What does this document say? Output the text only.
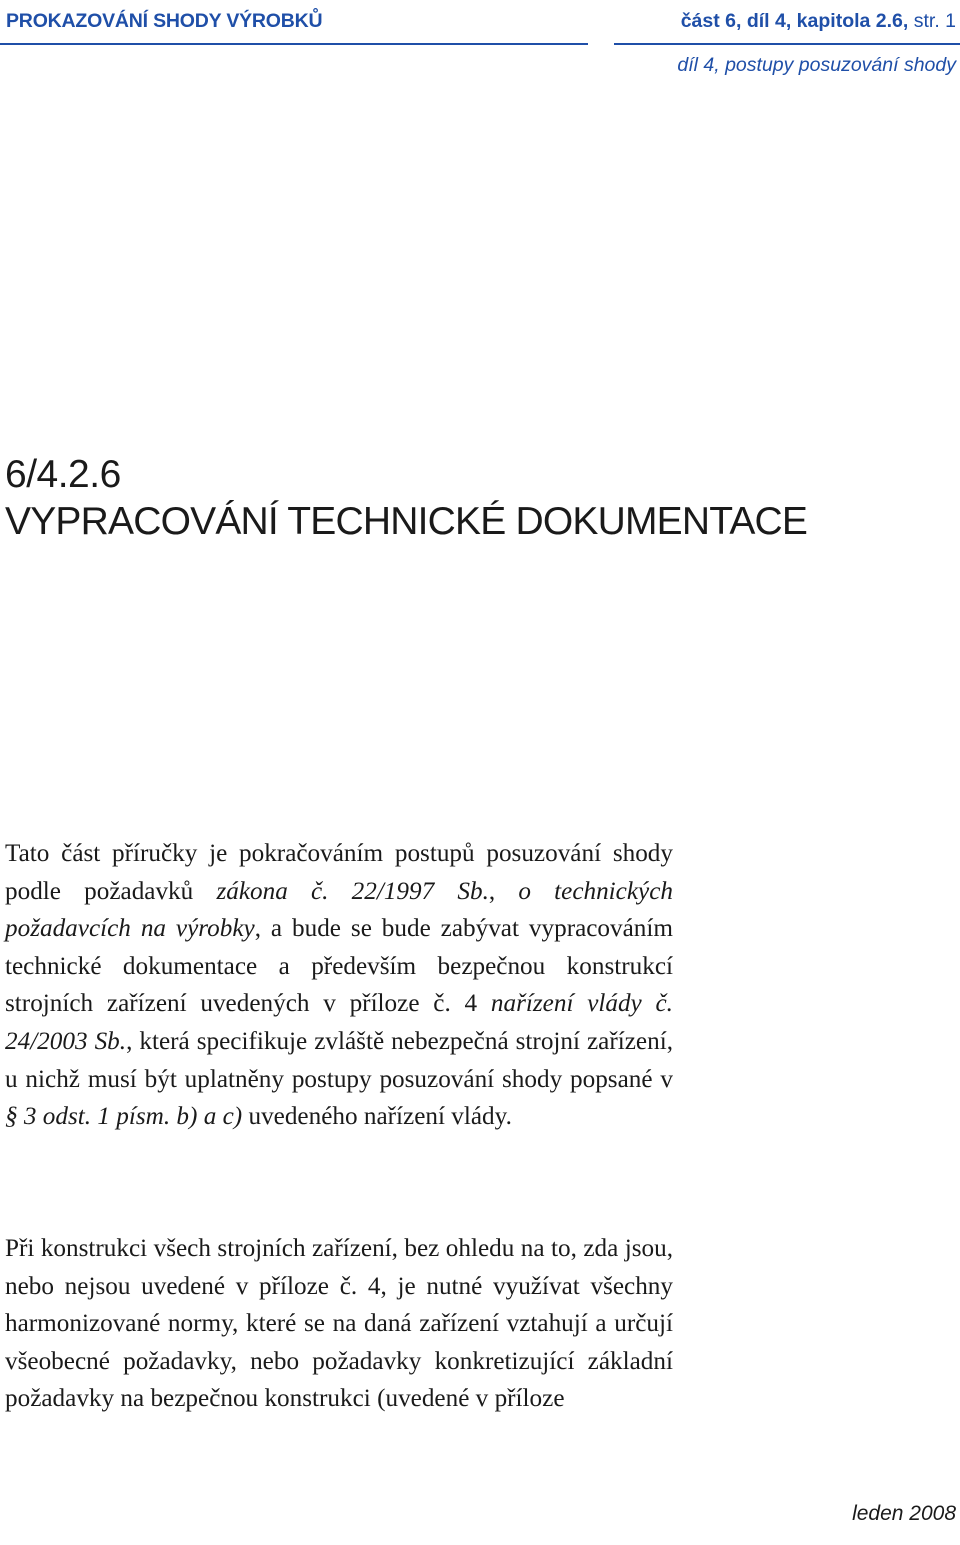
PROKAZOVÁNÍ SHODY VÝROBKŮ	část 6, díl 4, kapitola 2.6, str. 1
díl 4, postupy posuzování shody
6/4.2.6
VYPRACOVÁNÍ TECHNICKÉ DOKUMENTACE
Tato část příručky je pokračováním postupů posuzování shody podle požadavků zákona č. 22/1997 Sb., o technických požadavcích na výrobky, a bude se bude zabývat vypracováním technické dokumentace a především bezpečnou konstrukcí strojních zařízení uvedených v příloze č. 4 nařízení vlády č. 24/2003 Sb., která specifikuje zvláště nebezpečná strojní zařízení, u nichž musí být uplatněny postupy posuzování shody popsané v § 3 odst. 1 písm. b) a c) uvedeného nařízení vlády.
Při konstrukci všech strojních zařízení, bez ohledu na to, zda jsou, nebo nejsou uvedené v příloze č. 4, je nutné využívat všechny harmonizované normy, které se na daná zařízení vztahují a určují všeobecné požadavky, nebo požadavky konkretizující základní požadavky na bezpečnou konstrukci (uvedené v příloze
leden 2008
